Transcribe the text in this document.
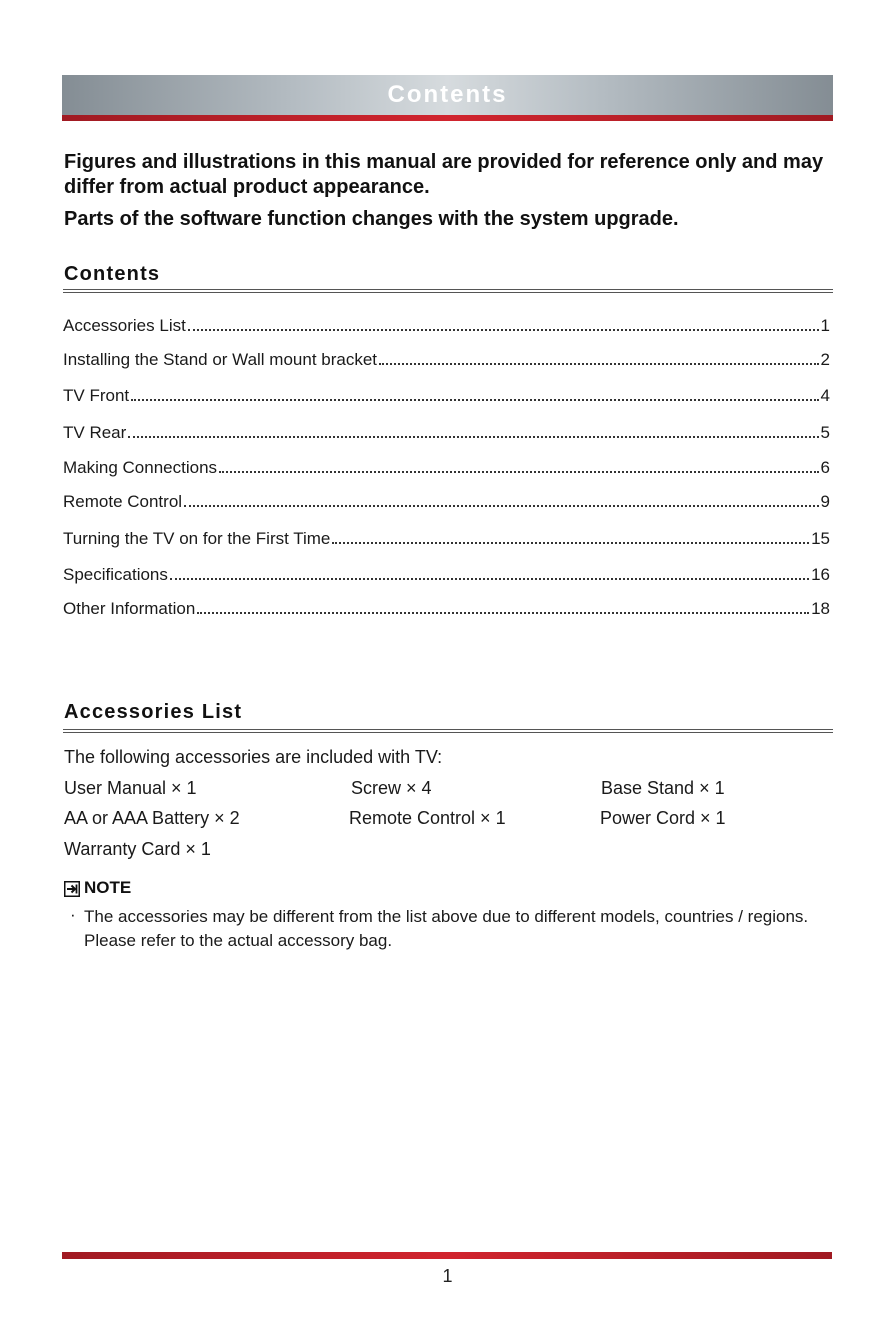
Contents
Figures and illustrations in this manual are provided for reference only and may differ from actual product appearance.
Parts of the software function changes with the system upgrade.
Contents
Accessories List	1
Installing the Stand or Wall mount bracket	2
TV Front	4
TV Rear	5
Making Connections	6
Remote Control	9
Turning the TV on for the First Time	15
Specifications	16
Other Information	18
Accessories List
The following accessories are included with TV:
User Manual × 1	Screw × 4	Base Stand × 1
AA or AAA Battery × 2	Remote Control × 1	Power Cord × 1
Warranty Card × 1
NOTE
· The accessories may be different from the list above due to different models, countries / regions. Please refer to the actual accessory bag.
1
